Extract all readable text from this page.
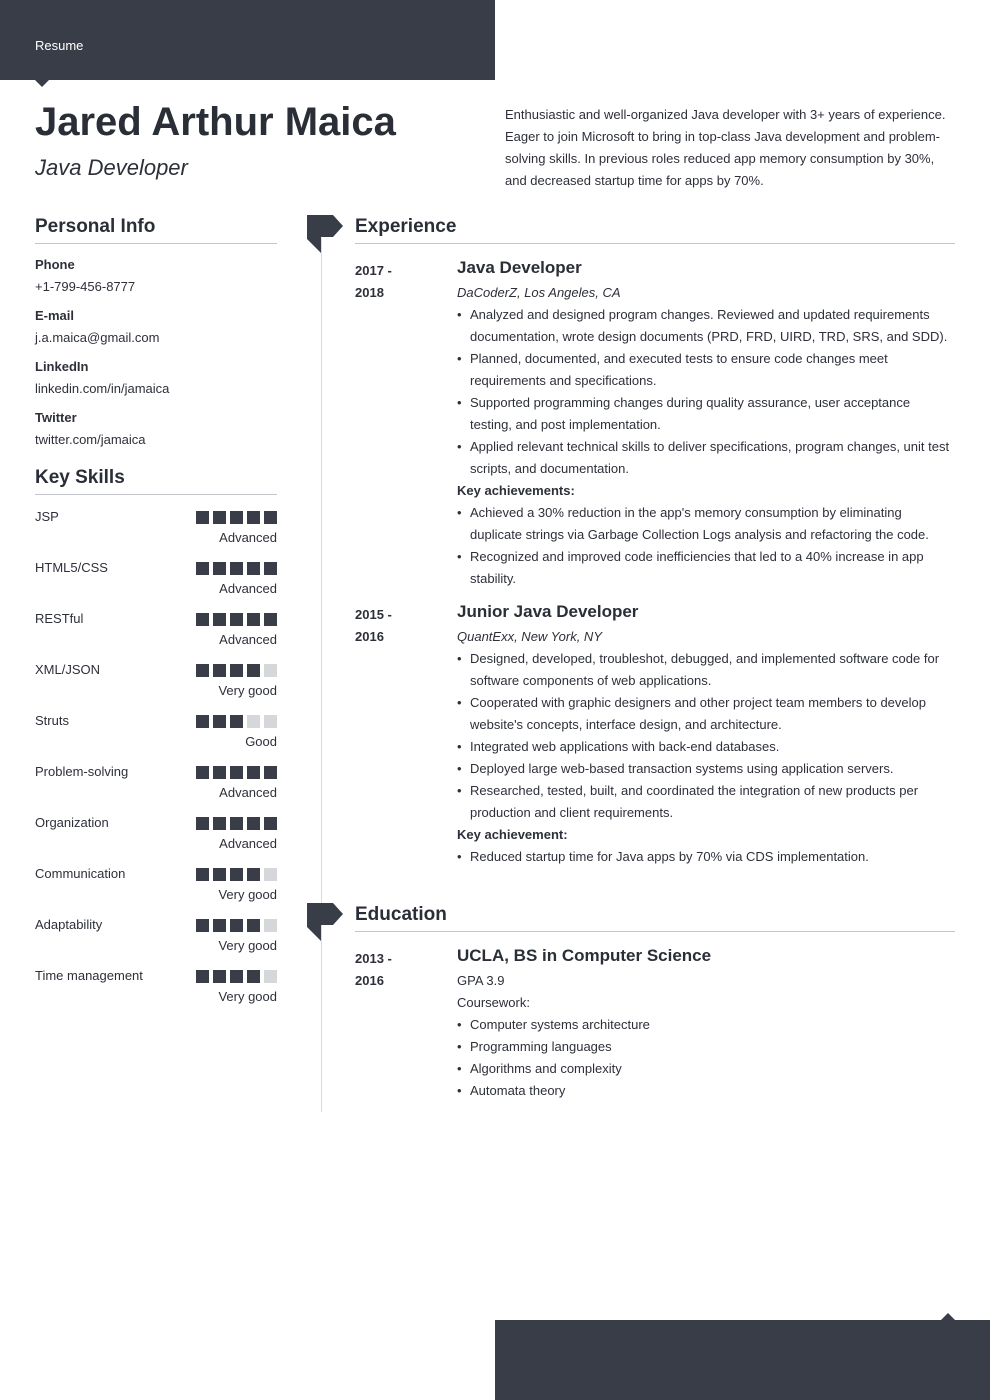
Resume
Jared Arthur Maica
Java Developer

Enthusiastic and well-organized Java developer with 3+ years of experience. Eager to join Microsoft to bring in top-class Java development and problem-solving skills. In previous roles reduced app memory consumption by 30%, and decreased startup time for apps by 70%.

Personal Info
Phone
+1-799-456-8777
E-mail
j.a.maica@gmail.com
LinkedIn
linkedin.com/in/jamaica
Twitter
twitter.com/jamaica
Key Skills
JSP
Advanced
HTML5/CSS
Advanced
RESTful
Advanced
XML/JSON
Very good
Struts
Good
Problem-solving
Advanced
Organization
Advanced
Communication
Very good
Adaptability
Very good
Time management
Very good
Experience
2017 -
2018
Java Developer
DaCoderZ, Los Angeles, CA
• Analyzed and designed program changes. Reviewed and updated requirements documentation, wrote design documents (PRD, FRD, UIRD, TRD, SRS, and SDD).
• Planned, documented, and executed tests to ensure code changes meet requirements and specifications.
• Supported programming changes during quality assurance, user acceptance testing, and post implementation.
• Applied relevant technical skills to deliver specifications, program changes, unit test scripts, and documentation.
Key achievements:
• Achieved a 30% reduction in the app's memory consumption by eliminating duplicate strings via Garbage Collection Logs analysis and refactoring the code.
• Recognized and improved code inefficiencies that led to a 40% increase in app stability.
2015 -
2016
Junior Java Developer
QuantExx, New York, NY
• Designed, developed, troubleshot, debugged, and implemented software code for software components of web applications.
• Cooperated with graphic designers and other project team members to develop website's concepts, interface design, and architecture.
• Integrated web applications with back-end databases.
• Deployed large web-based transaction systems using application servers.
• Researched, tested, built, and coordinated the integration of new products per production and client requirements.
Key achievement:
• Reduced startup time for Java apps by 70% via CDS implementation.
Education
2013 -
2016
UCLA, BS in Computer Science
GPA 3.9
Coursework:
• Computer systems architecture
• Programming languages
• Algorithms and complexity
• Automata theory
